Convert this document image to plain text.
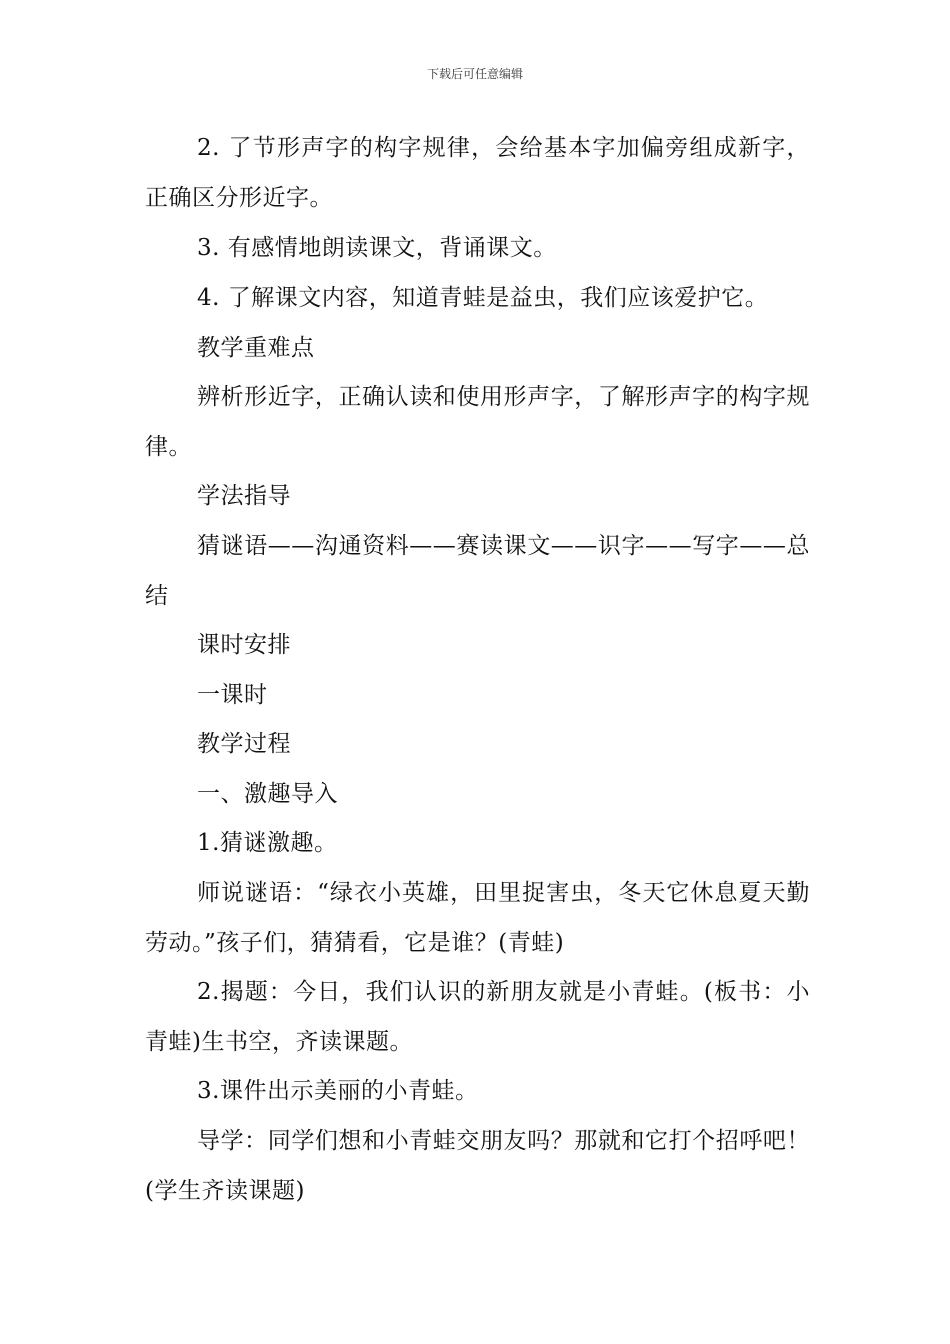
下载后可任意编辑
2. 了节形声字的构字规律，会给基本字加偏旁组成新字，正确区分形近字。
3. 有感情地朗读课文，背诵课文。
4. 了解课文内容，知道青蛙是益虫，我们应该爱护它。
教学重难点
辨析形近字，正确认读和使用形声字，了解形声字的构字规律。
学法指导
猜谜语——沟通资料——赛读课文——识字——写字——总结
课时安排
一课时
教学过程
一、激趣导入
1.猜谜激趣。
师说谜语：“绿衣小英雄，田里捉害虫，冬天它休息夏天勤劳动。”孩子们，猜猜看，它是谁？(青蛙)
2.揭题：今日，我们认识的新朋友就是小青蛙。(板书：小青蛙)生书空，齐读课题。
3.课件出示美丽的小青蛙。
导学：同学们想和小青蛙交朋友吗？那就和它打个招呼吧！(学生齐读课题)
